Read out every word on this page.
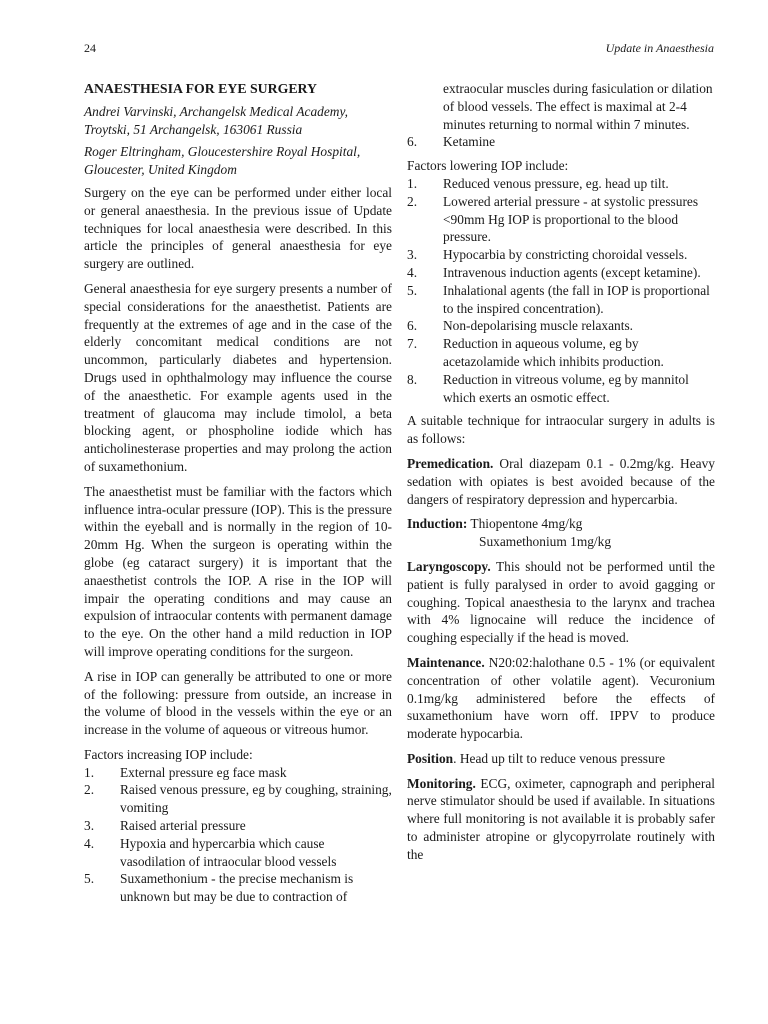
24	Update in Anaesthesia

ANAESTHESIA FOR EYE SURGERY

Andrei Varvinski, Archangelsk Medical Academy, Troytski, 51 Archangelsk, 163061 Russia

Roger Eltringham, Gloucestershire Royal Hospital, Gloucester, United Kingdom

Surgery on the eye can be performed under either local or general anaesthesia. In the previous issue of Update techniques for local anaesthesia were described. In this article the principles of general anaesthesia for eye surgery are outlined.

General anaesthesia for eye surgery presents a number of special considerations for the anaesthetist. Patients are frequently at the extremes of age and in the case of the elderly concomitant medical conditions are not uncommon, particularly diabetes and hypertension. Drugs used in ophthalmology may influence the course of the anaesthetic. For example agents used in the treatment of glaucoma may include timolol, a beta blocking agent, or phospholine iodide which has anticholinesterase properties and may prolong the action of suxamethonium.

The anaesthetist must be familiar with the factors which influence intra-ocular pressure (IOP). This is the pressure within the eyeball and is normally in the region of 10-20mm Hg. When the surgeon is operating within the globe (eg cataract surgery) it is important that the anaesthetist controls the IOP. A rise in the IOP will impair the operating conditions and may cause an expulsion of intraocular contents with permanent damage to the eye. On the other hand a mild reduction in IOP will improve operating conditions for the surgeon.

A rise in IOP can generally be attributed to one or more of the following: pressure from outside, an increase in the volume of blood in the vessels within the eye or an increase in the volume of aqueous or vitreous humor.

Factors increasing IOP include:

1. External pressure eg face mask
2. Raised venous pressure, eg by coughing, straining, vomiting
3. Raised arterial pressure
4. Hypoxia and hypercarbia which cause vasodilation of intraocular blood vessels
5. Suxamethonium - the precise mechanism is unknown but may be due to contraction of

extraocular muscles during fasiculation or dilation of blood vessels. The effect is maximal at 2-4 minutes returning to normal within 7 minutes.

6. Ketamine

Factors lowering IOP include:

1. Reduced venous pressure, eg. head up tilt.
2. Lowered arterial pressure - at systolic pressures <90mm Hg IOP is proportional to the blood pressure.
3. Hypocarbia by constricting choroidal vessels.
4. Intravenous induction agents (except ketamine).
5. Inhalational agents (the fall in IOP is proportional to the inspired concentration).
6. Non-depolarising muscle relaxants.
7. Reduction in aqueous volume, eg by acetazolamide which inhibits production.
8. Reduction in vitreous volume, eg by mannitol which exerts an osmotic effect.

A suitable technique for intraocular surgery in adults is as follows:

Premedication. Oral diazepam 0.1 - 0.2mg/kg. Heavy sedation with opiates is best avoided because of the dangers of respiratory depression and hypercarbia.

Induction: Thiopentone 4mg/kg

Suxamethonium 1mg/kg

Laryngoscopy. This should not be performed until the patient is fully paralysed in order to avoid gagging or coughing. Topical anaesthesia to the larynx and trachea with 4% lignocaine will reduce the incidence of coughing especially if the head is moved.

Maintenance. N20:02:halothane 0.5 - 1% (or equivalent concentration of other volatile agent). Vecuronium 0.1mg/kg administered before the effects of suxamethonium have worn off. IPPV to produce moderate hypocarbia.

Position. Head up tilt to reduce venous pressure

Monitoring. ECG, oximeter, capnograph and peripheral nerve stimulator should be used if available. In situations where full monitoring is not available it is probably safer to administer atropine or glycopyrrolate routinely with the
